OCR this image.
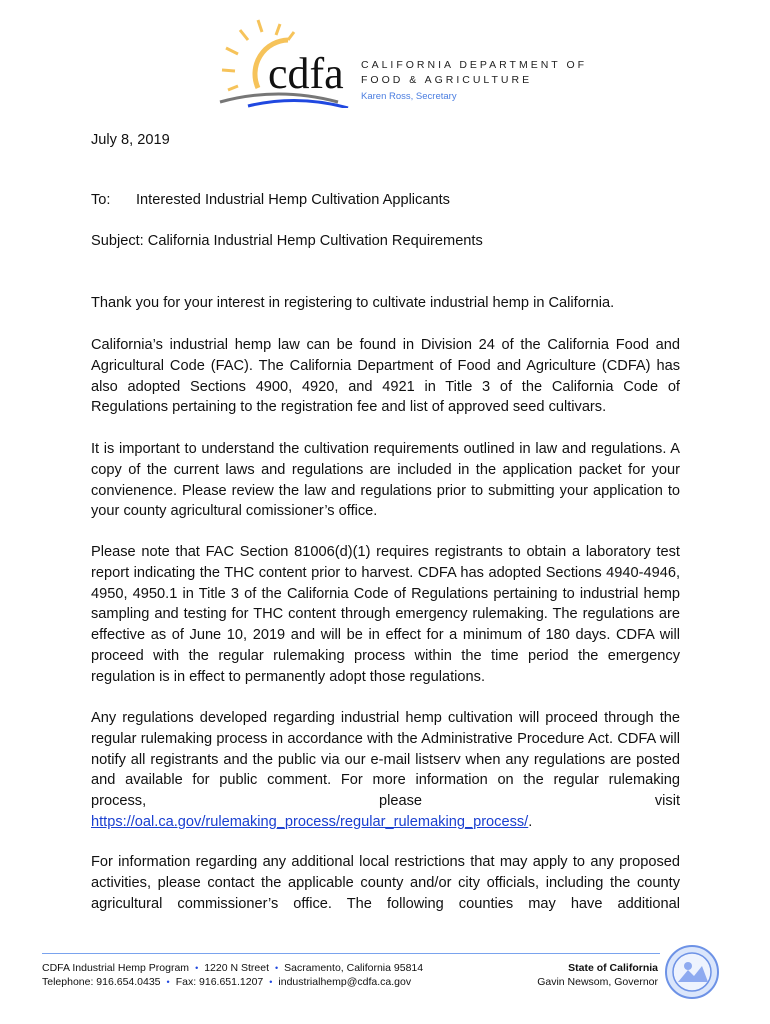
cdfa CALIFORNIA DEPARTMENT OF
FOOD & AGRICULTURE
Karen Ross, Secretary
July 8, 2019
To: Interested Industrial Hemp Cultivation Applicants
Subject: California Industrial Hemp Cultivation Requirements
Thank you for your interest in registering to cultivate industrial hemp in California.
California’s industrial hemp law can be found in Division 24 of the California Food and Agricultural Code (FAC). The California Department of Food and Agriculture (CDFA) has also adopted Sections 4900, 4920, and 4921 in Title 3 of the California Code of Regulations pertaining to the registration fee and list of approved seed cultivars.
It is important to understand the cultivation requirements outlined in law and regulations. A copy of the current laws and regulations are included in the application packet for your convienence. Please review the law and regulations prior to submitting your application to your county agricultural comissioner’s office.
Please note that FAC Section 81006(d)(1) requires registrants to obtain a laboratory test report indicating the THC content prior to harvest. CDFA has adopted Sections 4940-4946, 4950, 4950.1 in Title 3 of the California Code of Regulations pertaining to industrial hemp sampling and testing for THC content through emergency rulemaking. The regulations are effective as of June 10, 2019 and will be in effect for a minimum of 180 days. CDFA will proceed with the regular rulemaking process within the time period the emergency regulation is in effect to permanently adopt those regulations.
Any regulations developed regarding industrial hemp cultivation will proceed through the regular rulemaking process in accordance with the Administrative Procedure Act. CDFA will notify all registrants and the public via our e-mail listserv when any regulations are posted and available for public comment. For more information on the regular rulemaking
process,	please	visit
https://oal.ca.gov/rulemaking_process/regular_rulemaking_process/.
For information regarding any additional local restrictions that may apply to any proposed activities, please contact the applicable county and/or city officials, including the county agricultural commissioner’s office. The following counties may have additional
CDFA Industrial Hemp Program • 1220 N Street • Sacramento, California 95814
Telephone: 916.654.0435 • Fax: 916.651.1207 • industrialhemp@cdfa.ca.gov
State of California
Gavin Newsom, Governor
